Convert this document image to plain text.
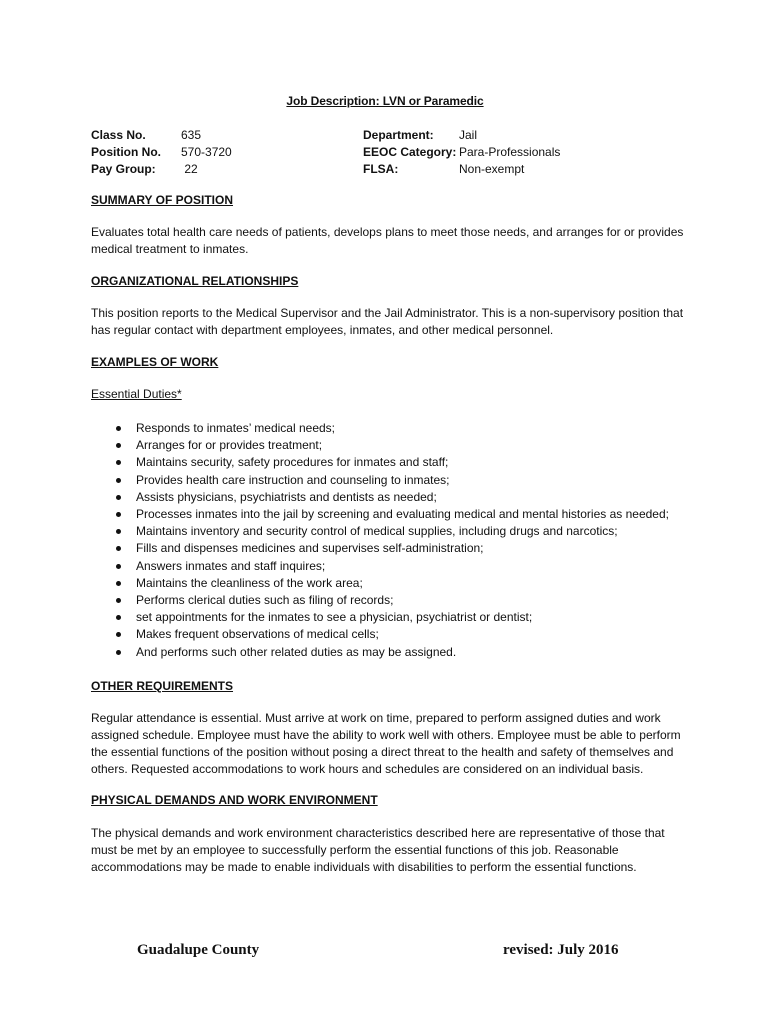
Job Description: LVN or Paramedic
Class No.	635
Position No. 570-3720
Pay Group: 22
Department: Jail
EEOC Category: Para-Professionals
FLSA:	Non-exempt
SUMMARY OF POSITION
Evaluates total health care needs of patients, develops plans to meet those needs, and arranges for or provides medical treatment to inmates.
ORGANIZATIONAL RELATIONSHIPS
This position reports to the Medical Supervisor and the Jail Administrator. This is a non-supervisory position that has regular contact with department employees, inmates, and other medical personnel.
EXAMPLES OF WORK
Essential Duties*
Responds to inmates’ medical needs;
Arranges for or provides treatment;
Maintains security, safety procedures for inmates and staff;
Provides health care instruction and counseling to inmates;
Assists physicians, psychiatrists and dentists as needed;
Processes inmates into the jail by screening and evaluating medical and mental histories as needed;
Maintains inventory and security control of medical supplies, including drugs and narcotics;
Fills and dispenses medicines and supervises self-administration;
Answers inmates and staff inquires;
Maintains the cleanliness of the work area;
Performs clerical duties such as filing of records;
set appointments for the inmates to see a physician, psychiatrist or dentist;
Makes frequent observations of medical cells;
And performs such other related duties as may be assigned.
OTHER REQUIREMENTS
Regular attendance is essential. Must arrive at work on time, prepared to perform assigned duties and work assigned schedule. Employee must have the ability to work well with others. Employee must be able to perform the essential functions of the position without posing a direct threat to the health and safety of themselves and others. Requested accommodations to work hours and schedules are considered on an individual basis.
PHYSICAL DEMANDS AND WORK ENVIRONMENT
The physical demands and work environment characteristics described here are representative of those that must be met by an employee to successfully perform the essential functions of this job. Reasonable accommodations may be made to enable individuals with disabilities to perform the essential functions.
Guadalupe County	revised: July 2016
